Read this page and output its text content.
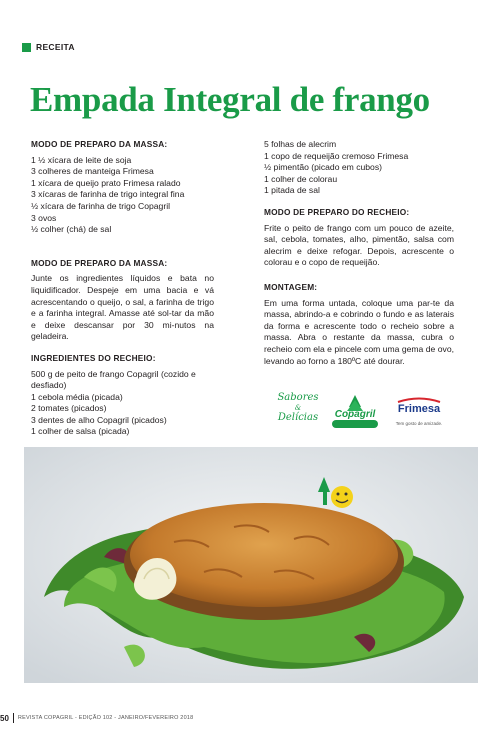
RECEITA
Empada Integral de frango
MODO DE PREPARO DA MASSA:
1 ½ xícara de leite de soja
3 colheres de manteiga Frimesa
1 xícara de queijo prato Frimesa ralado
3 xícaras de farinha de trigo integral fina
½ xícara de farinha de trigo Copagril
3 ovos
½ colher (chá) de sal
MODO DE PREPARO DA MASSA:

Junte os ingredientes líquidos e bata no liquidificador. Despeje em uma bacia e vá acrescentando o queijo, o sal, a farinha de trigo e a farinha integral. Amasse até sol-tar da mão e deixe descansar por 30 mi-nutos na geladeira.

INGREDIENTES DO RECHEIO:
500 g de peito de frango Copagril (cozido e desfiado)
1 cebola média (picada)
2 tomates (picados)
3 dentes de alho Copagril (picados)
1 colher de salsa (picada)
5 folhas de alecrim
1 copo de requeijão cremoso Frimesa
½ pimentão (picado em cubos)
1 colher de colorau
1 pitada de sal
MODO DE PREPARO DO RECHEIO:

Frite o peito de frango com um pouco de azeite, sal, cebola, tomates, alho, pimentão, salsa com alecrim e deixe refogar. Depois, acrescente o colorau e o copo de requeijão.

MONTAGEM:

Em uma forma untada, coloque uma par-te da massa, abrindo-a e cobrindo o fundo e as laterais da forma e acrescente todo o recheio sobre a massa. Abra o restante da massa, cubra o recheio com ela e pincele com uma gema de ovo, levando ao forno a 180ºC até dourar.

Sabores
&
Delícias	Copagril	Frimesa
Tem gosto de amizade.
50 REVISTA COPAGRIL - EDIÇÃO 102 - JANEIRO/FEVEREIRO 2018
